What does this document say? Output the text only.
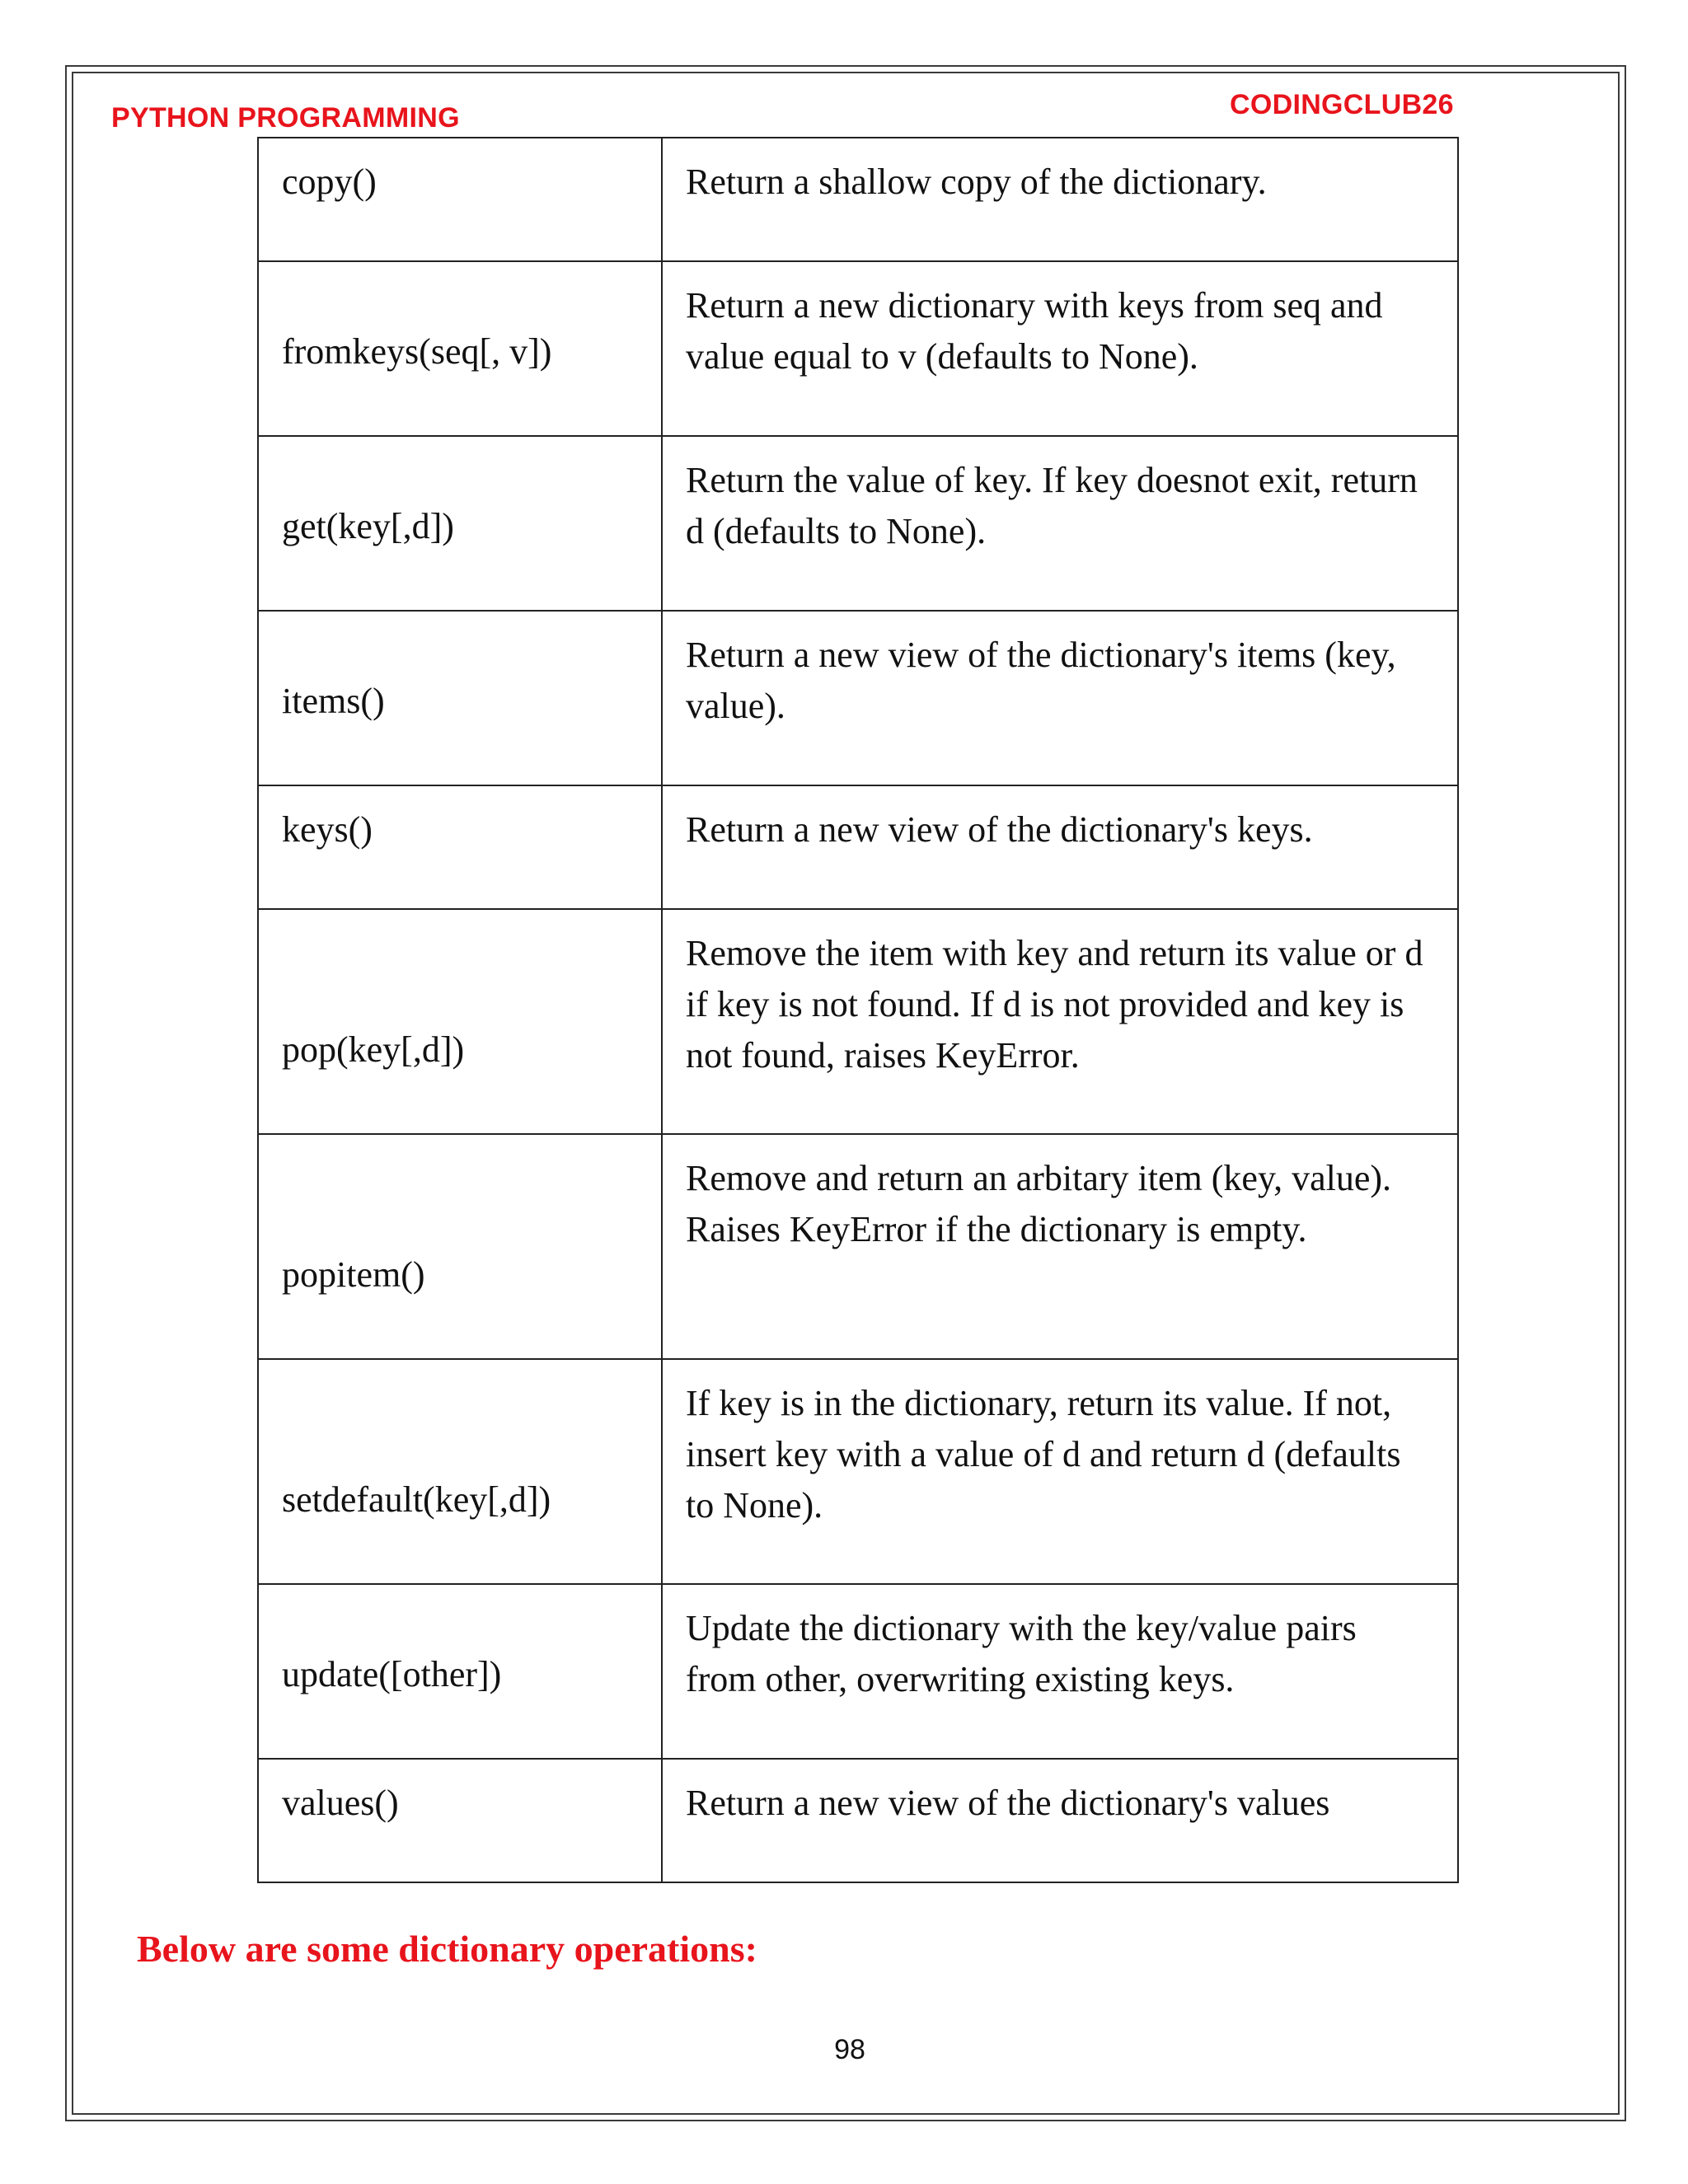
PYTHON PROGRAMMING	CODINGCLUB26
copy()	Return a shallow copy of the dictionary.

fromkeys(seq[, v])	Return a new dictionary with keys from seq and value equal to v (defaults to None).

get(key[,d])	Return the value of key. If key doesnot exit, return d (defaults to None).

items()	Return a new view of the dictionary's items (key, value).

keys()	Return a new view of the dictionary's keys.

pop(key[,d])	Remove the item with key and return its value or d if key is not found. If d is not provided and key is not found, raises KeyError.

popitem()	Remove and return an arbitary item (key, value). Raises KeyError if the dictionary is empty.

setdefault(key[,d])	If key is in the dictionary, return its value. If not, insert key with a value of d and return d (defaults to None).

update([other])	Update the dictionary with the key/value pairs from other, overwriting existing keys.

values()	Return a new view of the dictionary's values
Below are some dictionary operations:
98
